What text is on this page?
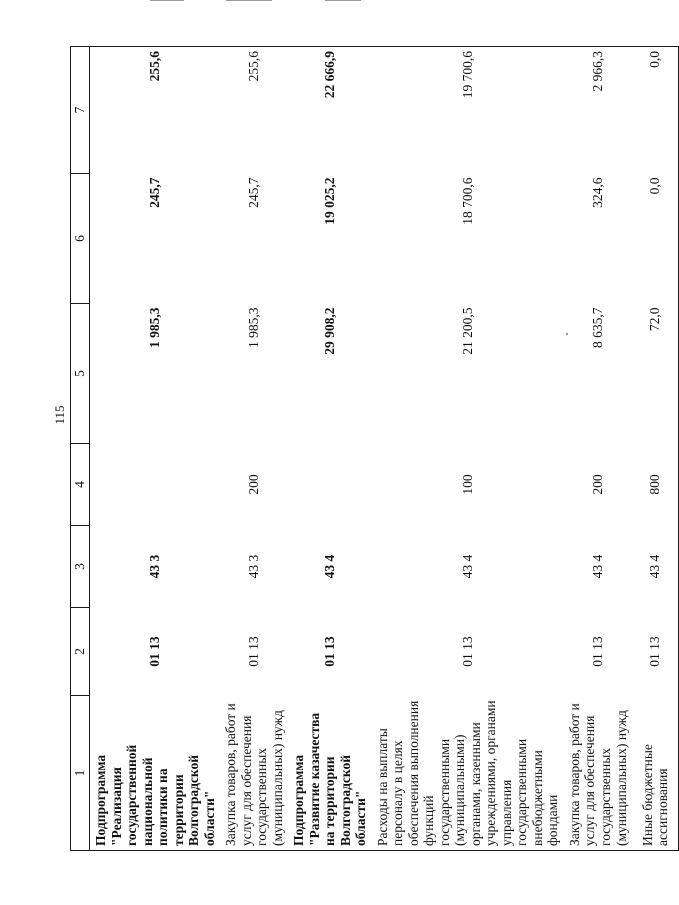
115
1	2	3	4	5	6	7
Подпрограмма "Реализация государственной национальной политики на территории Волгоградской области"	01 13	43 3		1 985,3	245,7	255,6
Закупка товаров, работ и услуг для обеспечения государственных (муниципальных) нужд	01 13	43 3	200	1 985,3	245,7	255,6
Подпрограмма "Развитие казачества на территории Волгоградской области"	01 13	43 4		29 908,2	19 025,2	22 666,9
Расходы на выплаты персоналу в целях обеспечения выполнения функций государственными (муниципальными) органами, казенными учреждениями, органами управления государственными внебюджетными фондами	01 13	43 4	100	21 200,5	18 700,6	19 700,6
Закупка товаров, работ и услуг для обеспечения государственных (муниципальных) нужд	01 13	43 4	200	8 635,7	324,6	2 966,3
Иные бюджетные ассигнования	01 13	43 4	800	72,0	0,0	0,0
